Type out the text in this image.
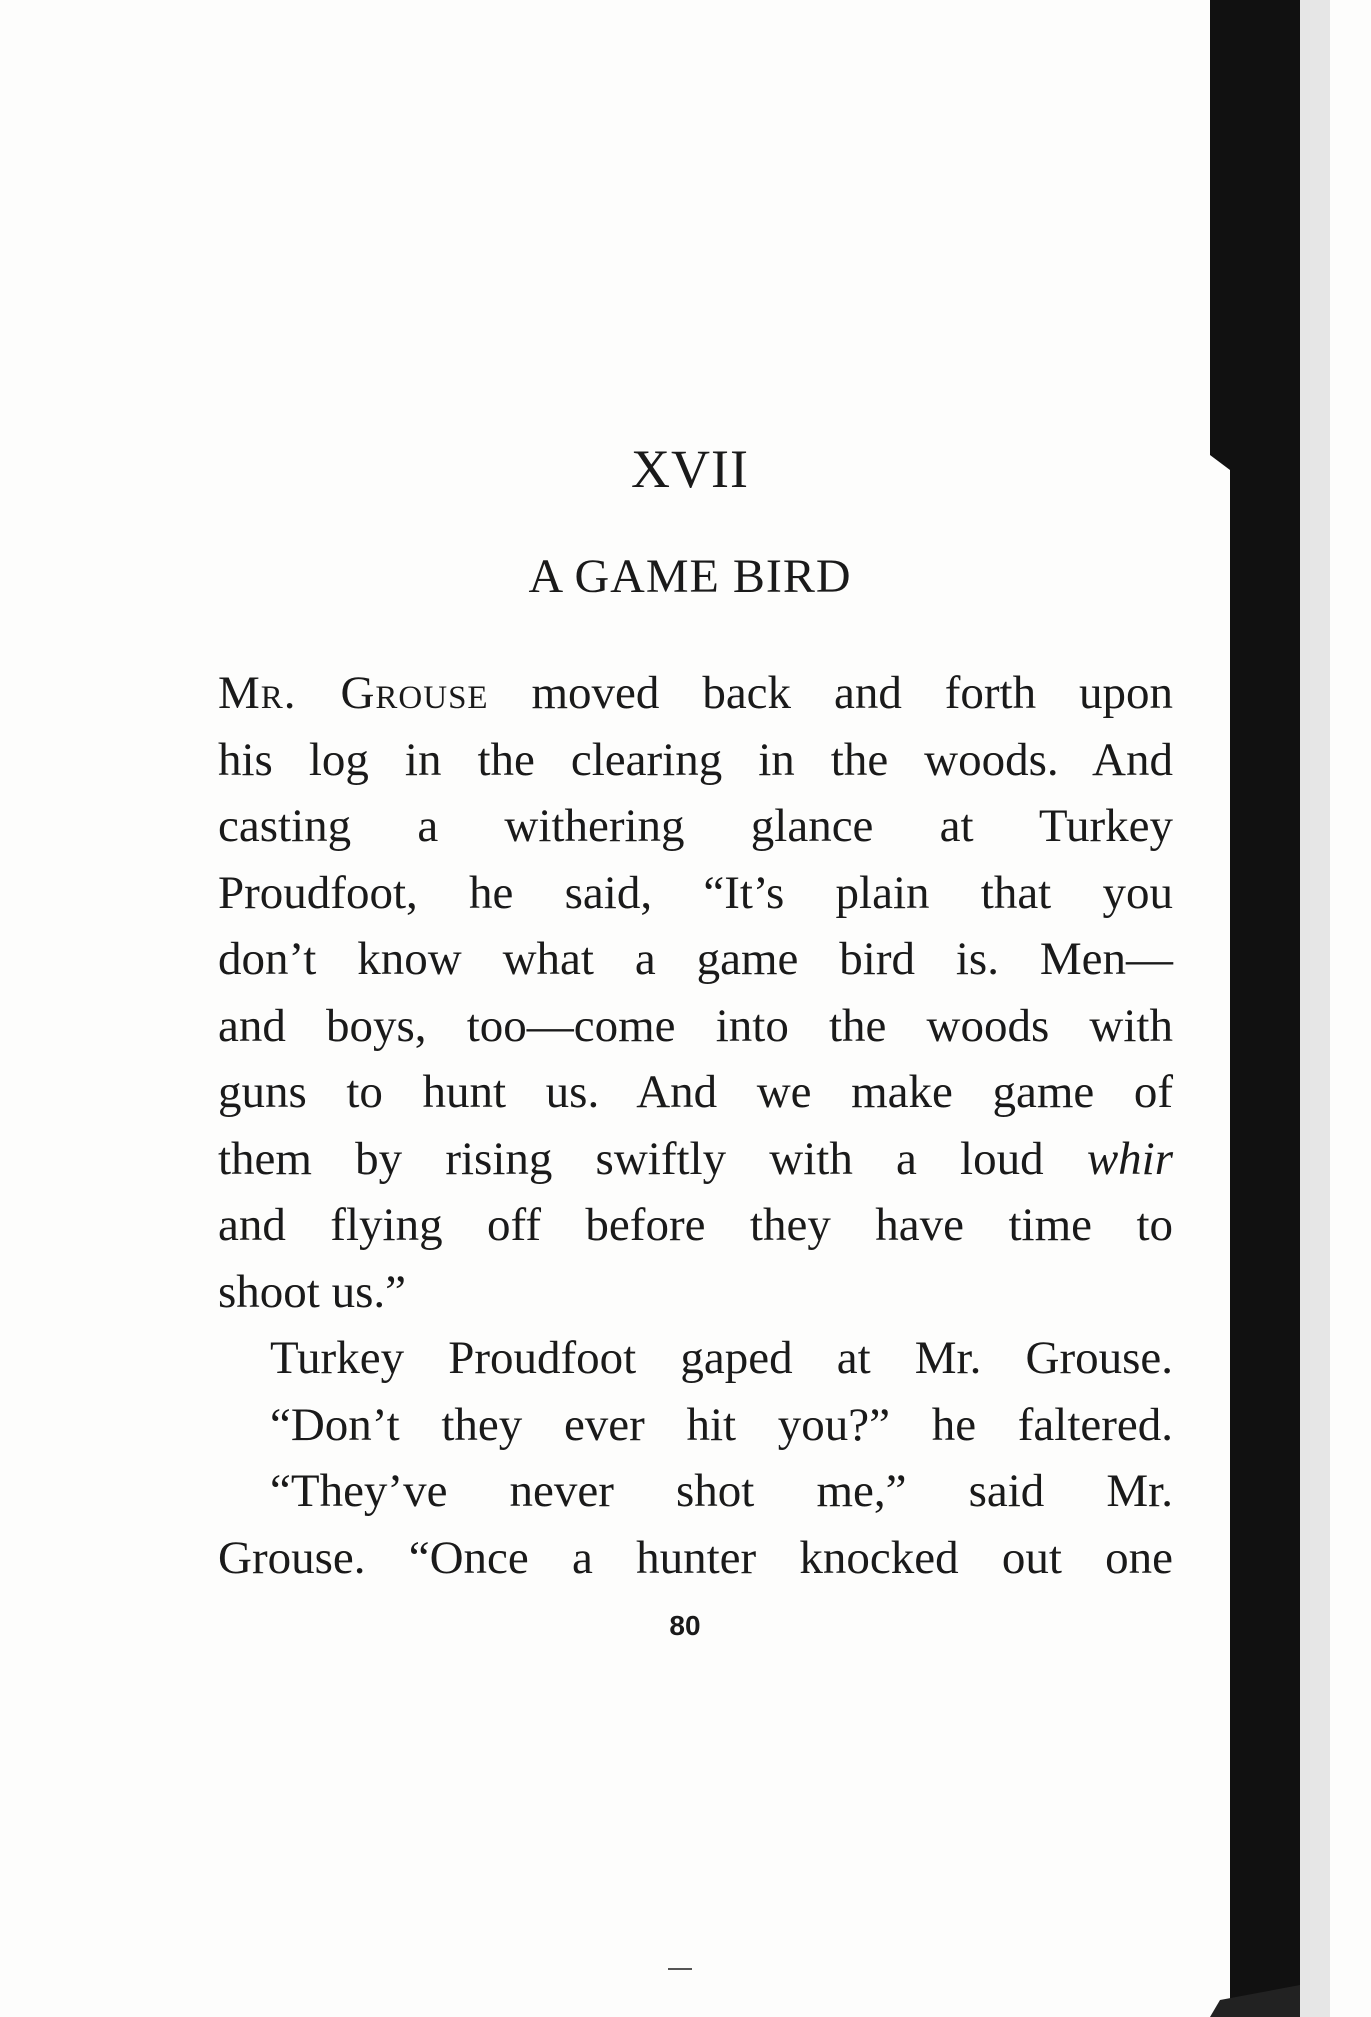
XVII
A GAME BIRD
Mr. Grouse moved back and forth upon
his log in the clearing in the woods. And
casting a withering glance at Turkey
Proudfoot, he said, “It’s plain that you
don’t know what a game bird is. Men—
and boys, too—come into the woods with
guns to hunt us. And we make game of
them by rising swiftly with a loud whir
and flying off before they have time to
shoot us.”
Turkey Proudfoot gaped at Mr. Grouse.
“Don’t they ever hit you?” he faltered.
“They’ve never shot me,” said Mr.
Grouse. “Once a hunter knocked out one
80
